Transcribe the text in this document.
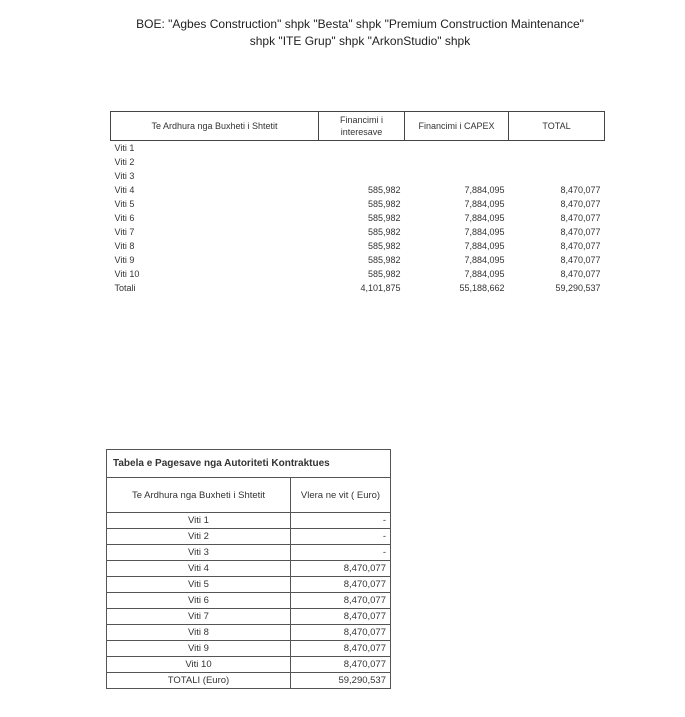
BOE: "Agbes Construction" shpk "Besta" shpk "Premium Construction Maintenance"
shpk "ITE Grup" shpk "ArkonStudio" shpk
Te Ardhura nga Buxheti i Shtetit	Financimi i interesave	Financimi i CAPEX	TOTAL
Viti 1			
Viti 2			
Viti 3			
Viti 4	585,982	7,884,095	8,470,077
Viti 5	585,982	7,884,095	8,470,077
Viti 6	585,982	7,884,095	8,470,077
Viti 7	585,982	7,884,095	8,470,077
Viti 8	585,982	7,884,095	8,470,077
Viti 9	585,982	7,884,095	8,470,077
Viti 10	585,982	7,884,095	8,470,077
Totali	4,101,875	55,188,662	59,290,537
Tabela e Pagesave nga Autoriteti Kontraktues	
Te Ardhura nga Buxheti i Shtetit	Vlera ne vit ( Euro)
Viti 1	-
Viti 2	-
Viti 3	-
Viti 4	8,470,077
Viti 5	8,470,077
Viti 6	8,470,077
Viti 7	8,470,077
Viti 8	8,470,077
Viti 9	8,470,077
Viti 10	8,470,077
TOTALI (Euro)	59,290,537
